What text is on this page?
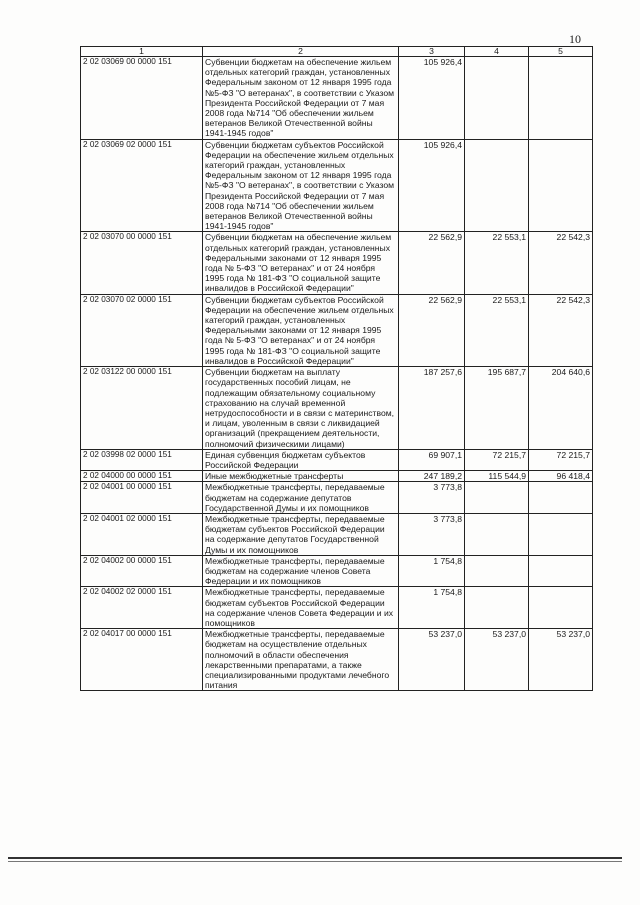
10
1	2	3	4	5
2 02 03069 00 0000 151	Субвенции бюджетам на обеспечение жильем отдельных категорий граждан, установленных Федеральным законом от 12 января 1995 года №5-ФЗ "О ветеранах", в соответствии с Указом Президента Российской Федерации от 7 мая 2008 года №714 "Об обеспечении жильем ветеранов Великой Отечественной войны 1941-1945 годов"	105 926,4		
2 02 03069 02 0000 151	Субвенции бюджетам субъектов Российской Федерации на обеспечение жильем отдельных категорий граждан, установленных Федеральным законом от 12 января 1995 года №5-ФЗ "О ветеранах", в соответствии с Указом Президента Российской Федерации от 7 мая 2008 года №714 "Об обеспечении жильем ветеранов Великой Отечественной войны 1941-1945 годов"	105 926,4		
2 02 03070 00 0000 151	Субвенции бюджетам на обеспечение жильем отдельных категорий граждан, установленных Федеральными законами от 12 января 1995 года № 5-ФЗ "О ветеранах" и от 24 ноября 1995 года № 181-ФЗ "О социальной защите инвалидов в Российской Федерации"	22 562,9	22 553,1	22 542,3
2 02 03070 02 0000 151	Субвенции бюджетам субъектов Российской Федерации на обеспечение жильем отдельных категорий граждан, установленных Федеральными законами от 12 января 1995 года № 5-ФЗ "О ветеранах" и от 24 ноября 1995 года № 181-ФЗ "О социальной защите инвалидов в Российской Федерации"	22 562,9	22 553,1	22 542,3
2 02 03122 00 0000 151	Субвенции бюджетам на выплату государственных пособий лицам, не подлежащим обязательному социальному страхованию на случай временной нетрудоспособности и в связи с материнством, и лицам, уволенным в связи с ликвидацией организаций (прекращением деятельности, полномочий физическими лицами)	187 257,6	195 687,7	204 640,6
2 02 03998 02 0000 151	Единая субвенция бюджетам субъектов Российской Федерации	69 907,1	72 215,7	72 215,7
2 02 04000 00 0000 151	Иные межбюджетные трансферты	247 189,2	115 544,9	96 418,4
2 02 04001 00 0000 151	Межбюджетные трансферты, передаваемые бюджетам на содержание депутатов Государственной Думы и их помощников	3 773,8		
2 02 04001 02 0000 151	Межбюджетные трансферты, передаваемые бюджетам субъектов Российской Федерации на содержание депутатов Государственной Думы и их помощников	3 773,8		
2 02 04002 00 0000 151	Межбюджетные трансферты, передаваемые бюджетам на содержание членов Совета Федерации и их помощников	1 754,8		
2 02 04002 02 0000 151	Межбюджетные трансферты, передаваемые бюджетам субъектов Российской Федерации на содержание членов Совета Федерации и их помощников	1 754,8		
2 02 04017 00 0000 151	Межбюджетные трансферты, передаваемые бюджетам на осуществление отдельных полномочий в области обеспечения лекарственными препаратами, а также специализированными продуктами лечебного питания	53 237,0	53 237,0	53 237,0
